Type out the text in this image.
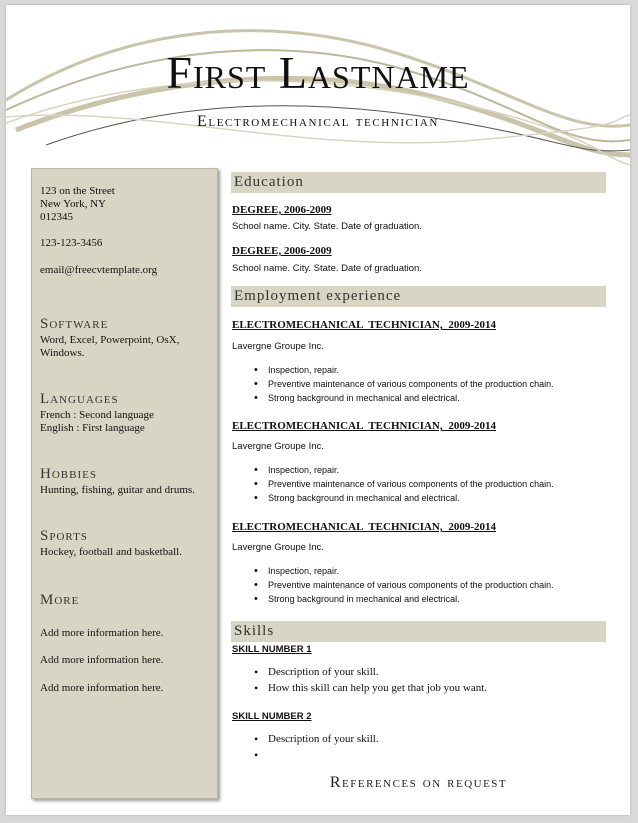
First Lastname
Electromechanical technician
123 on the Street
New York, NY
012345
123-123-3456
email@freecvtemplate.org
Software
Word, Excel, Powerpoint, OsX, Windows.
Languages
French : Second language
English : First language
Hobbies
Hunting, fishing, guitar and drums.
Sports
Hockey, football and basketball.
More
Add more information here.
Add more information here.
Add more information here.
Education
DEGREE, 2006-2009
School name. City. State. Date of graduation.
DEGREE, 2006-2009
School name. City. State. Date of graduation.
Employment experience
ELECTROMECHANICAL TECHNICIAN, 2009-2014
Lavergne Groupe Inc.
• Inspection, repair.
• Preventive maintenance of various components of the production chain.
• Strong background in mechanical and electrical.
ELECTROMECHANICAL TECHNICIAN, 2009-2014
Lavergne Groupe Inc.
• Inspection, repair.
• Preventive maintenance of various components of the production chain.
• Strong background in mechanical and electrical.
ELECTROMECHANICAL TECHNICIAN, 2009-2014
Lavergne Groupe Inc.
• Inspection, repair.
• Preventive maintenance of various components of the production chain.
• Strong background in mechanical and electrical.
Skills
SKILL NUMBER 1
• Description of your skill.
• How this skill can help you get that job you want.
SKILL NUMBER 2
• Description of your skill.
•
References on request
